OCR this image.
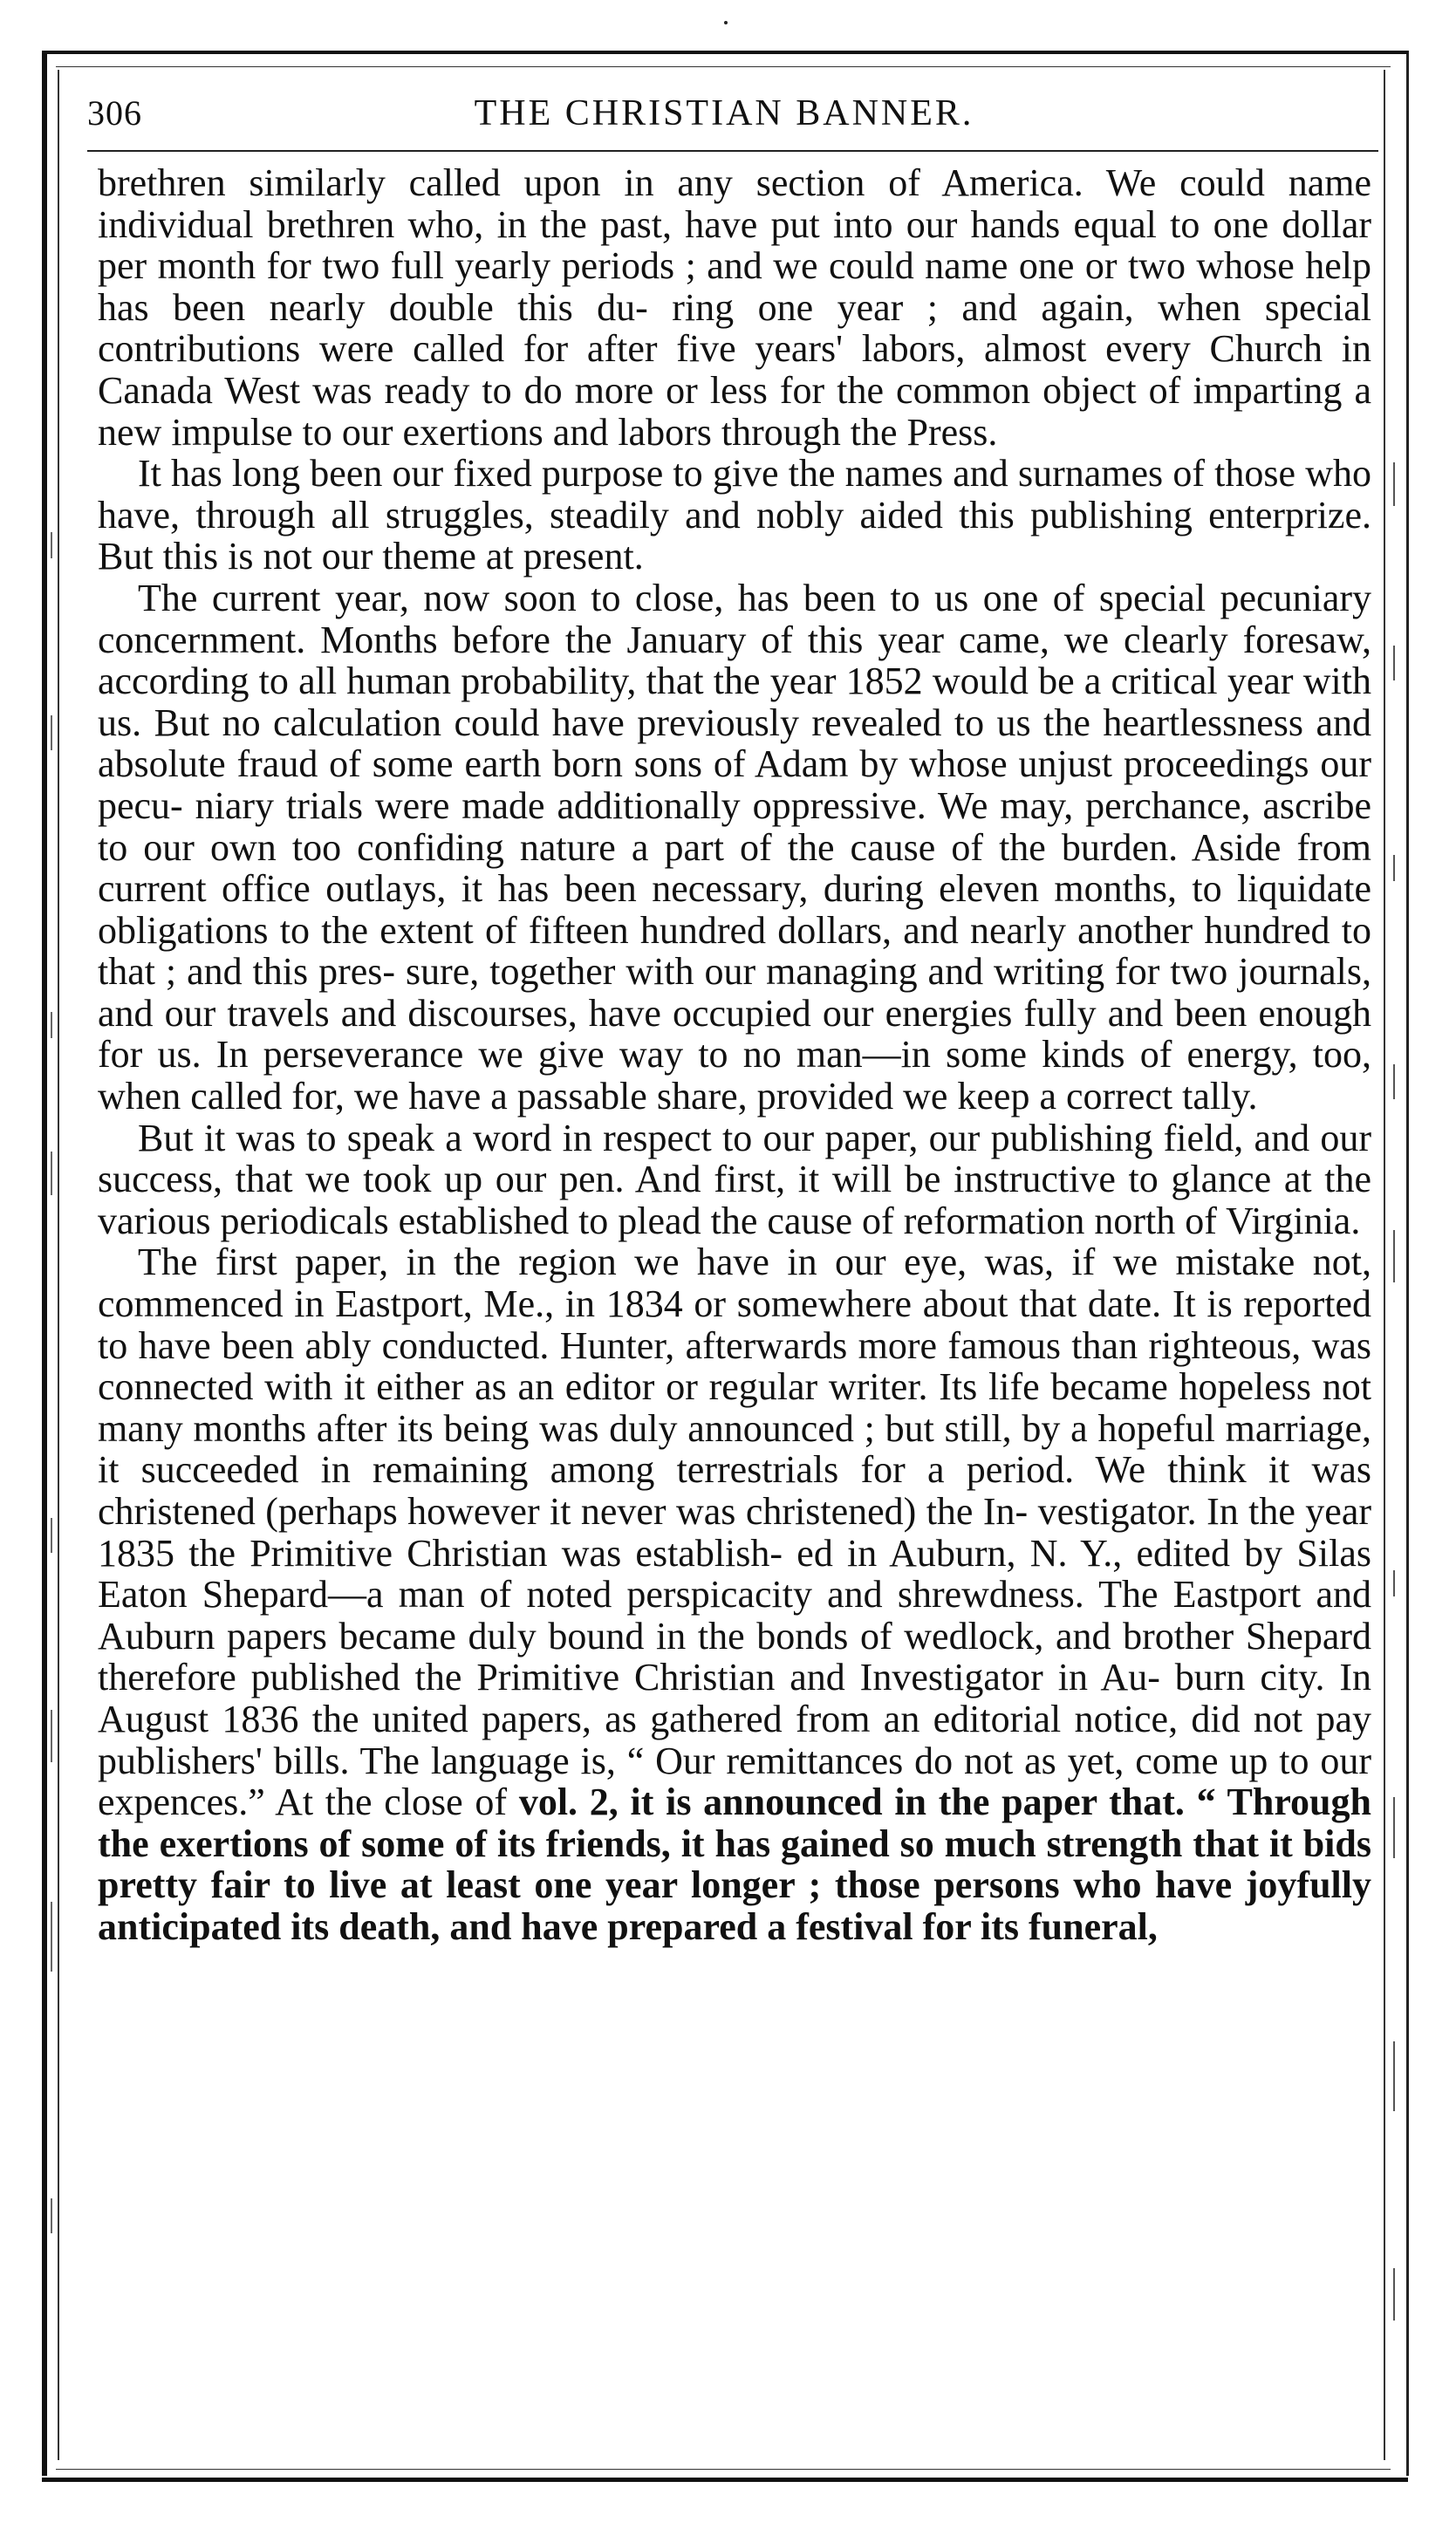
306	THE CHRISTIAN BANNER.

brethren similarly called upon in any section of America. We could name individual brethren who, in the past, have put into our hands equal to one dollar per month for two full yearly periods ; and we could name one or two whose help has been nearly double this du- ring one year ; and again, when special contributions were called for after five years' labors, almost every Church in Canada West was ready to do more or less for the common object of imparting a new impulse to our exertions and labors through the Press.

It has long been our fixed purpose to give the names and surnames of those who have, through all struggles, steadily and nobly aided this publishing enterprize. But this is not our theme at present.

The current year, now soon to close, has been to us one of special pecuniary concernment. Months before the January of this year came, we clearly foresaw, according to all human probability, that the year 1852 would be a critical year with us. But no calculation could have previously revealed to us the heartlessness and absolute fraud of some earth born sons of Adam by whose unjust proceedings our pecu- niary trials were made additionally oppressive. We may, perchance, ascribe to our own too confiding nature a part of the cause of the burden. Aside from current office outlays, it has been necessary, during eleven months, to liquidate obligations to the extent of fifteen hundred dollars, and nearly another hundred to that ; and this pres- sure, together with our managing and writing for two journals, and our travels and discourses, have occupied our energies fully and been enough for us. In perseverance we give way to no man—in some kinds of energy, too, when called for, we have a passable share, provided we keep a correct tally.

But it was to speak a word in respect to our paper, our publishing field, and our success, that we took up our pen. And first, it will be instructive to glance at the various periodicals established to plead the cause of reformation north of Virginia.

The first paper, in the region we have in our eye, was, if we mistake not, commenced in Eastport, Me., in 1834 or somewhere about that date. It is reported to have been ably conducted. Hunter, afterwards more famous than righteous, was connected with it either as an editor or regular writer. Its life became hopeless not many months after its being was duly announced ; but still, by a hopeful marriage, it succeeded in remaining among terrestrials for a period. We think it was christened (perhaps however it never was christened) the In- vestigator. In the year 1835 the Primitive Christian was establish- ed in Auburn, N. Y., edited by Silas Eaton Shepard—a man of noted perspicacity and shrewdness. The Eastport and Auburn papers became duly bound in the bonds of wedlock, and brother Shepard therefore published the Primitive Christian and Investigator in Au- burn city. In August 1836 the united papers, as gathered from an editorial notice, did not pay publishers' bills. The language is, “ Our remittances do not as yet, come up to our expences.” At the close of vol. 2, it is announced in the paper that. “ Through the exertions of some of its friends, it has gained so much strength that it bids pretty fair to live at least one year longer ; those persons who have joyfully anticipated its death, and have prepared a festival for its funeral,
